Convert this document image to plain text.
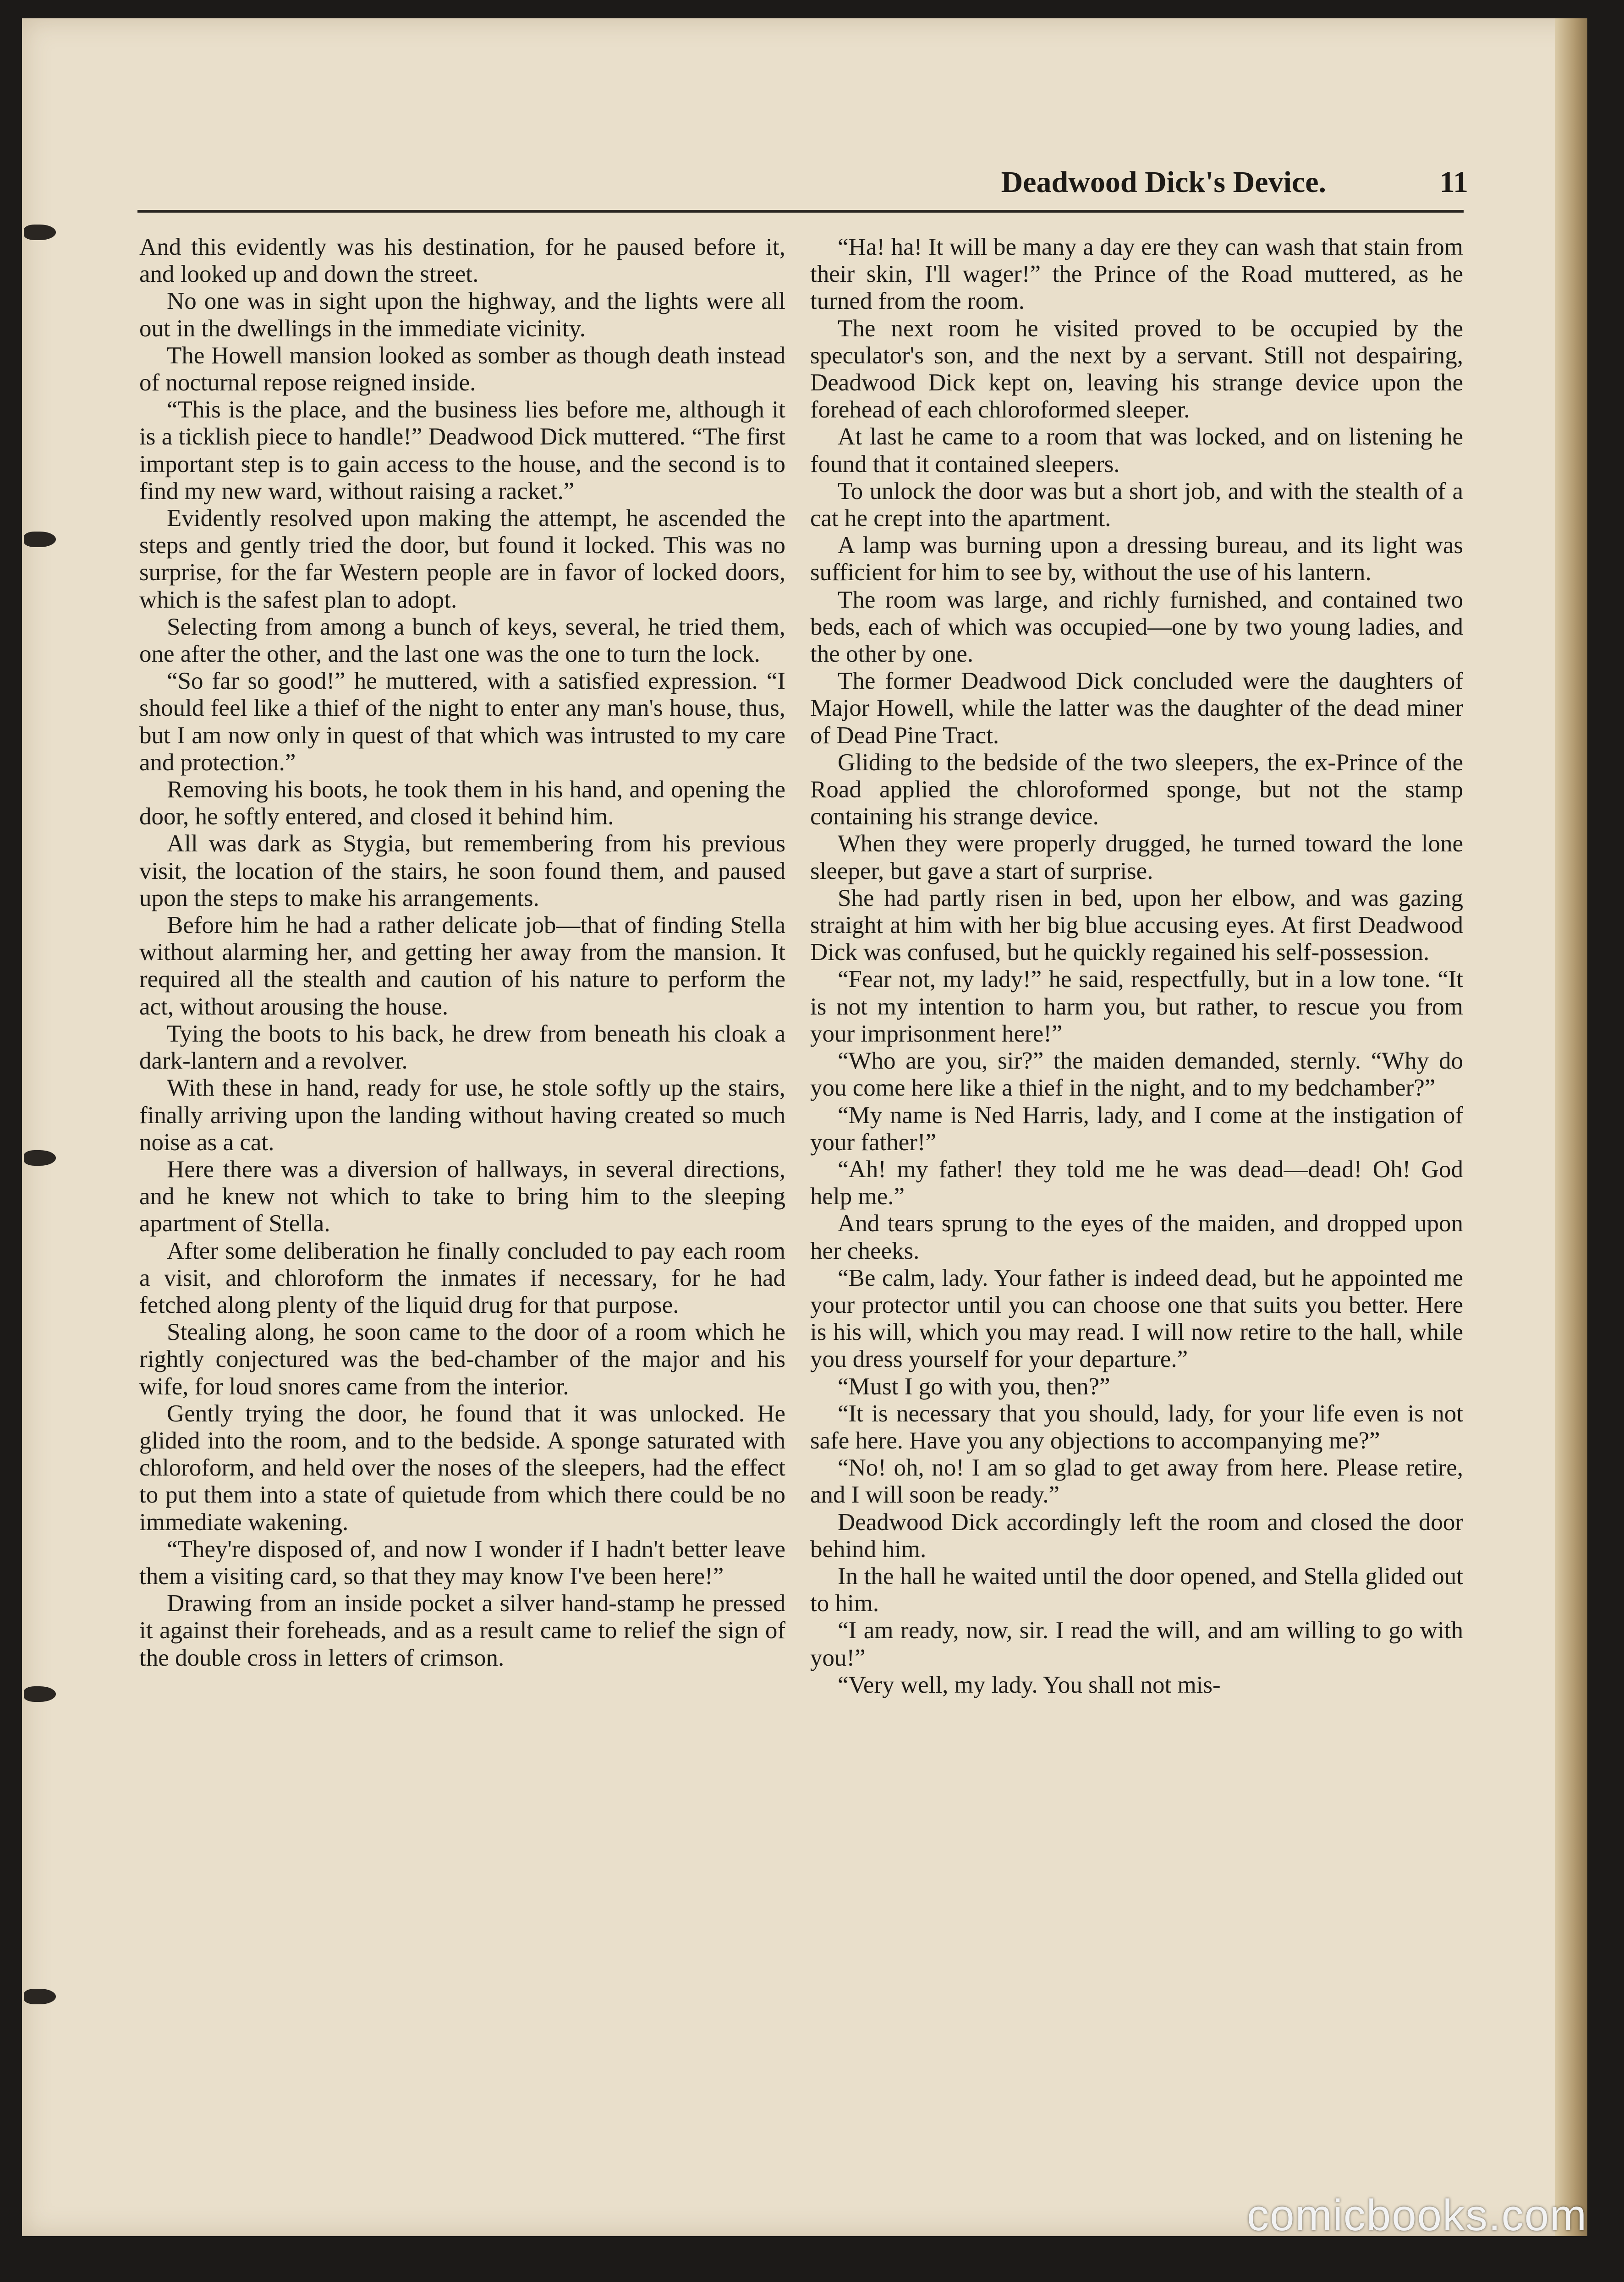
Deadwood Dick's Device.	11

And this evidently was his destination, for he paused before it, and looked up and down the street.

No one was in sight upon the highway, and the lights were all out in the dwellings in the immediate vicinity.

The Howell mansion looked as somber as though death instead of nocturnal repose reigned inside.

“This is the place, and the business lies before me, although it is a ticklish piece to handle!” Deadwood Dick muttered. “The first important step is to gain access to the house, and the second is to find my new ward, without raising a racket.”

Evidently resolved upon making the attempt, he ascended the steps and gently tried the door, but found it locked. This was no surprise, for the far Western people are in favor of locked doors, which is the safest plan to adopt.

Selecting from among a bunch of keys, several, he tried them, one after the other, and the last one was the one to turn the lock.

“So far so good!” he muttered, with a satisfied expression. “I should feel like a thief of the night to enter any man's house, thus, but I am now only in quest of that which was intrusted to my care and protection.”

Removing his boots, he took them in his hand, and opening the door, he softly entered, and closed it behind him.

All was dark as Stygia, but remembering from his previous visit, the location of the stairs, he soon found them, and paused upon the steps to make his arrangements.

Before him he had a rather delicate job—that of finding Stella without alarming her, and getting her away from the mansion. It required all the stealth and caution of his nature to perform the act, without arousing the house.

Tying the boots to his back, he drew from beneath his cloak a dark-lantern and a revolver.

With these in hand, ready for use, he stole softly up the stairs, finally arriving upon the landing without having created so much noise as a cat.

Here there was a diversion of hallways, in several directions, and he knew not which to take to bring him to the sleeping apartment of Stella.

After some deliberation he finally concluded to pay each room a visit, and chloroform the inmates if necessary, for he had fetched along plenty of the liquid drug for that purpose.

Stealing along, he soon came to the door of a room which he rightly conjectured was the bed-chamber of the major and his wife, for loud snores came from the interior.

Gently trying the door, he found that it was unlocked. He glided into the room, and to the bedside. A sponge saturated with chloroform, and held over the noses of the sleepers, had the effect to put them into a state of quietude from which there could be no immediate wakening.

“They're disposed of, and now I wonder if I hadn't better leave them a visiting card, so that they may know I've been here!”

Drawing from an inside pocket a silver hand-stamp he pressed it against their foreheads, and as a result came to relief the sign of the double cross in letters of crimson.

“Ha! ha! It will be many a day ere they can wash that stain from their skin, I'll wager!” the Prince of the Road muttered, as he turned from the room.

The next room he visited proved to be occupied by the speculator's son, and the next by a servant. Still not despairing, Deadwood Dick kept on, leaving his strange device upon the forehead of each chloroformed sleeper.

At last he came to a room that was locked, and on listening he found that it contained sleepers.

To unlock the door was but a short job, and with the stealth of a cat he crept into the apartment.

A lamp was burning upon a dressing bureau, and its light was sufficient for him to see by, without the use of his lantern.

The room was large, and richly furnished, and contained two beds, each of which was occupied—one by two young ladies, and the other by one.

The former Deadwood Dick concluded were the daughters of Major Howell, while the latter was the daughter of the dead miner of Dead Pine Tract.

Gliding to the bedside of the two sleepers, the ex-Prince of the Road applied the chloroformed sponge, but not the stamp containing his strange device.

When they were properly drugged, he turned toward the lone sleeper, but gave a start of surprise.

She had partly risen in bed, upon her elbow, and was gazing straight at him with her big blue accusing eyes. At first Deadwood Dick was confused, but he quickly regained his self-possession.

“Fear not, my lady!” he said, respectfully, but in a low tone. “It is not my intention to harm you, but rather, to rescue you from your imprisonment here!”

“Who are you, sir?” the maiden demanded, sternly. “Why do you come here like a thief in the night, and to my bedchamber?”

“My name is Ned Harris, lady, and I come at the instigation of your father!”

“Ah! my father! they told me he was dead—dead! Oh! God help me.”

And tears sprung to the eyes of the maiden, and dropped upon her cheeks.

“Be calm, lady. Your father is indeed dead, but he appointed me your protector until you can choose one that suits you better. Here is his will, which you may read. I will now retire to the hall, while you dress yourself for your departure.”

“Must I go with you, then?”

“It is necessary that you should, lady, for your life even is not safe here. Have you any objections to accompanying me?”

“No! oh, no! I am so glad to get away from here. Please retire, and I will soon be ready.”

Deadwood Dick accordingly left the room and closed the door behind him.

In the hall he waited until the door opened, and Stella glided out to him.

“I am ready, now, sir. I read the will, and am willing to go with you!”

“Very well, my lady. You shall not mis-

comicbooks.com
